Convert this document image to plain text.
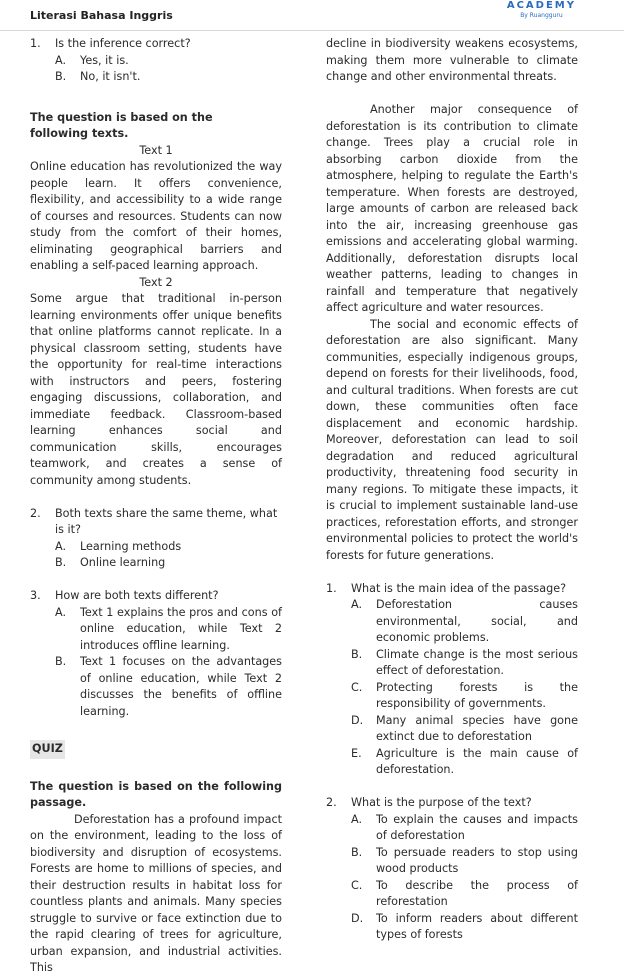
Literasi Bahasa Inggris
ACADEMY
By Ruangguru
1.	Is the inference correct?
A.	Yes, it is.
B.	No, it isn't.

The question is based on the following texts.

Text 1

Online education has revolutionized the way people learn. It offers convenience, flexibility, and accessibility to a wide range of courses and resources. Students can now study from the comfort of their homes, eliminating geographical barriers and enabling a self-paced learning approach.

Text 2

Some argue that traditional in-person learning environments offer unique benefits that online platforms cannot replicate. In a physical classroom setting, students have the opportunity for real-time interactions with instructors and peers, fostering engaging discussions, collaboration, and immediate feedback. Classroom-based learning enhances social and communication skills, encourages teamwork, and creates a sense of community among students.

2.	Both texts share the same theme, what is it?
A.	Learning methods
B.	Online learning
3.	How are both texts different?
A.	Text 1 explains the pros and cons of online education, while Text 2 introduces offline learning.
B.	Text 1 focuses on the advantages of online education, while Text 2 discusses the benefits of offline learning.
QUIZ

The question is based on the following passage.

Deforestation has a profound impact on the environment, leading to the loss of biodiversity and disruption of ecosystems. Forests are home to millions of species, and their destruction results in habitat loss for countless plants and animals. Many species struggle to survive or face extinction due to the rapid clearing of trees for agriculture, urban expansion, and industrial activities. This

decline in biodiversity weakens ecosystems, making them more vulnerable to climate change and other environmental threats.

Another major consequence of deforestation is its contribution to climate change. Trees play a crucial role in absorbing carbon dioxide from the atmosphere, helping to regulate the Earth's temperature. When forests are destroyed, large amounts of carbon are released back into the air, increasing greenhouse gas emissions and accelerating global warming. Additionally, deforestation disrupts local weather patterns, leading to changes in rainfall and temperature that negatively affect agriculture and water resources.

The social and economic effects of deforestation are also significant. Many communities, especially indigenous groups, depend on forests for their livelihoods, food, and cultural traditions. When forests are cut down, these communities often face displacement and economic hardship. Moreover, deforestation can lead to soil degradation and reduced agricultural productivity, threatening food security in many regions. To mitigate these impacts, it is crucial to implement sustainable land-use practices, reforestation efforts, and stronger environmental policies to protect the world's forests for future generations.

1.	What is the main idea of the passage?
A.	Deforestation causes environmental, social, and economic problems.
B.	Climate change is the most serious effect of deforestation.
C.	Protecting forests is the responsibility of governments.
D.	Many animal species have gone extinct due to deforestation
E.	Agriculture is the main cause of deforestation.
2.	What is the purpose of the text?
A.	To explain the causes and impacts of deforestation
B.	To persuade readers to stop using wood products
C.	To describe the process of reforestation
D.	To inform readers about different types of forests
